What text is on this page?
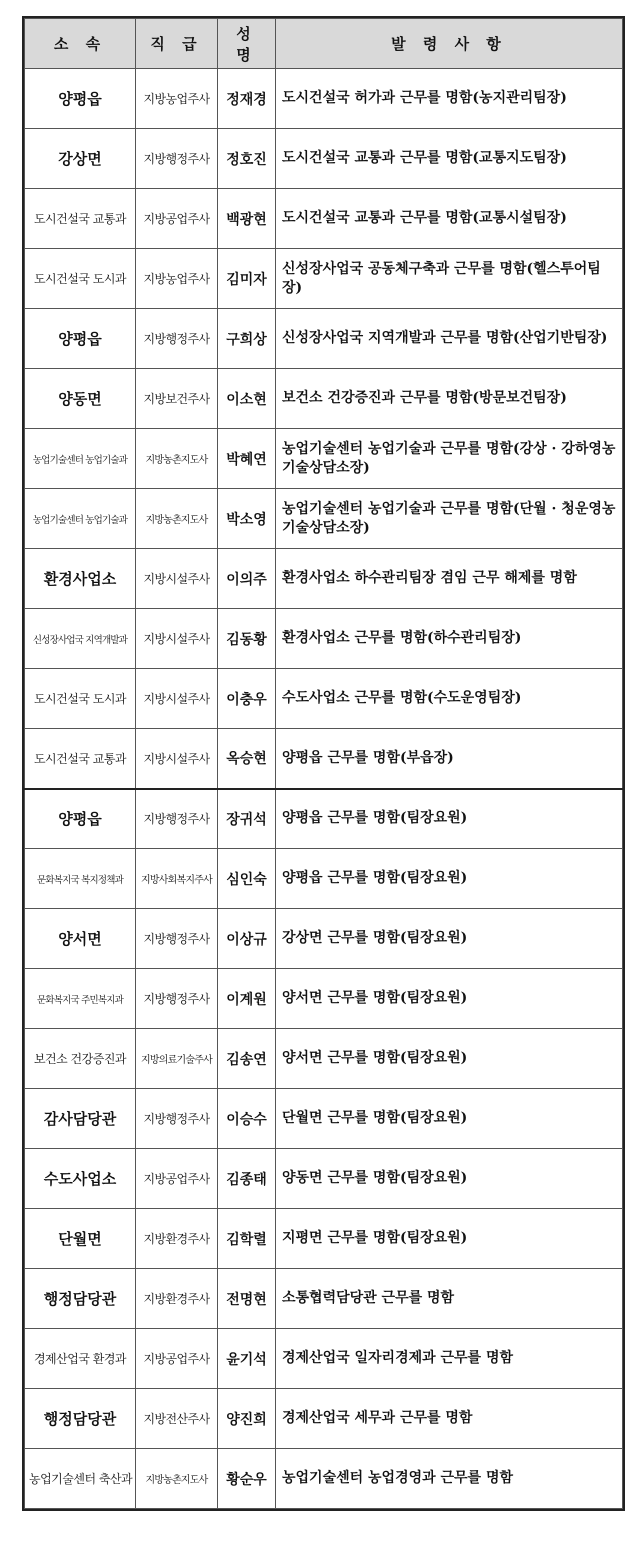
소 속	직 급	성 명	발 령 사 항
양평읍	지방농업주사	정재경	도시건설국 허가과 근무를 명함(농지관리팀장)
강상면	지방행정주사	정호진	도시건설국 교통과 근무를 명함(교통지도팀장)
도시건설국 교통과	지방공업주사	백광현	도시건설국 교통과 근무를 명함(교통시설팀장)
도시건설국 도시과	지방농업주사	김미자	신성장사업국 공동체구축과 근무를 명함(헬스투어팀장)
양평읍	지방행정주사	구희상	신성장사업국 지역개발과 근무를 명함(산업기반팀장)
양동면	지방보건주사	이소현	보건소 건강증진과 근무를 명함(방문보건팀장)
농업기술센터 농업기술과	지방농촌지도사	박혜연	농업기술센터 농업기술과 근무를 명함(강상 · 강하영농기술상담소장)
농업기술센터 농업기술과	지방농촌지도사	박소영	농업기술센터 농업기술과 근무를 명함(단월 · 청운영농기술상담소장)
환경사업소	지방시설주사	이의주	환경사업소 하수관리팀장 겸임 근무 해제를 명함
신성장사업국 지역개발과	지방시설주사	김동황	환경사업소 근무를 명함(하수관리팀장)
도시건설국 도시과	지방시설주사	이충우	수도사업소 근무를 명함(수도운영팀장)
도시건설국 교통과	지방시설주사	옥승현	양평읍 근무를 명함(부읍장)
양평읍	지방행정주사	장귀석	양평읍 근무를 명함(팀장요원)
문화복지국 복지정책과	지방사회복지주사	심인숙	양평읍 근무를 명함(팀장요원)
양서면	지방행정주사	이상규	강상면 근무를 명함(팀장요원)
문화복지국 주민복지과	지방행정주사	이계원	양서면 근무를 명함(팀장요원)
보건소 건강증진과	지방의료기술주사	김송연	양서면 근무를 명함(팀장요원)
감사담당관	지방행정주사	이승수	단월면 근무를 명함(팀장요원)
수도사업소	지방공업주사	김종태	양동면 근무를 명함(팀장요원)
단월면	지방환경주사	김학렬	지평면 근무를 명함(팀장요원)
행정담당관	지방환경주사	전명현	소통협력담당관 근무를 명함
경제산업국 환경과	지방공업주사	윤기석	경제산업국 일자리경제과 근무를 명함
행정담당관	지방전산주사	양진희	경제산업국 세무과 근무를 명함
농업기술센터 축산과	지방농촌지도사	황순우	농업기술센터 농업경영과 근무를 명함
